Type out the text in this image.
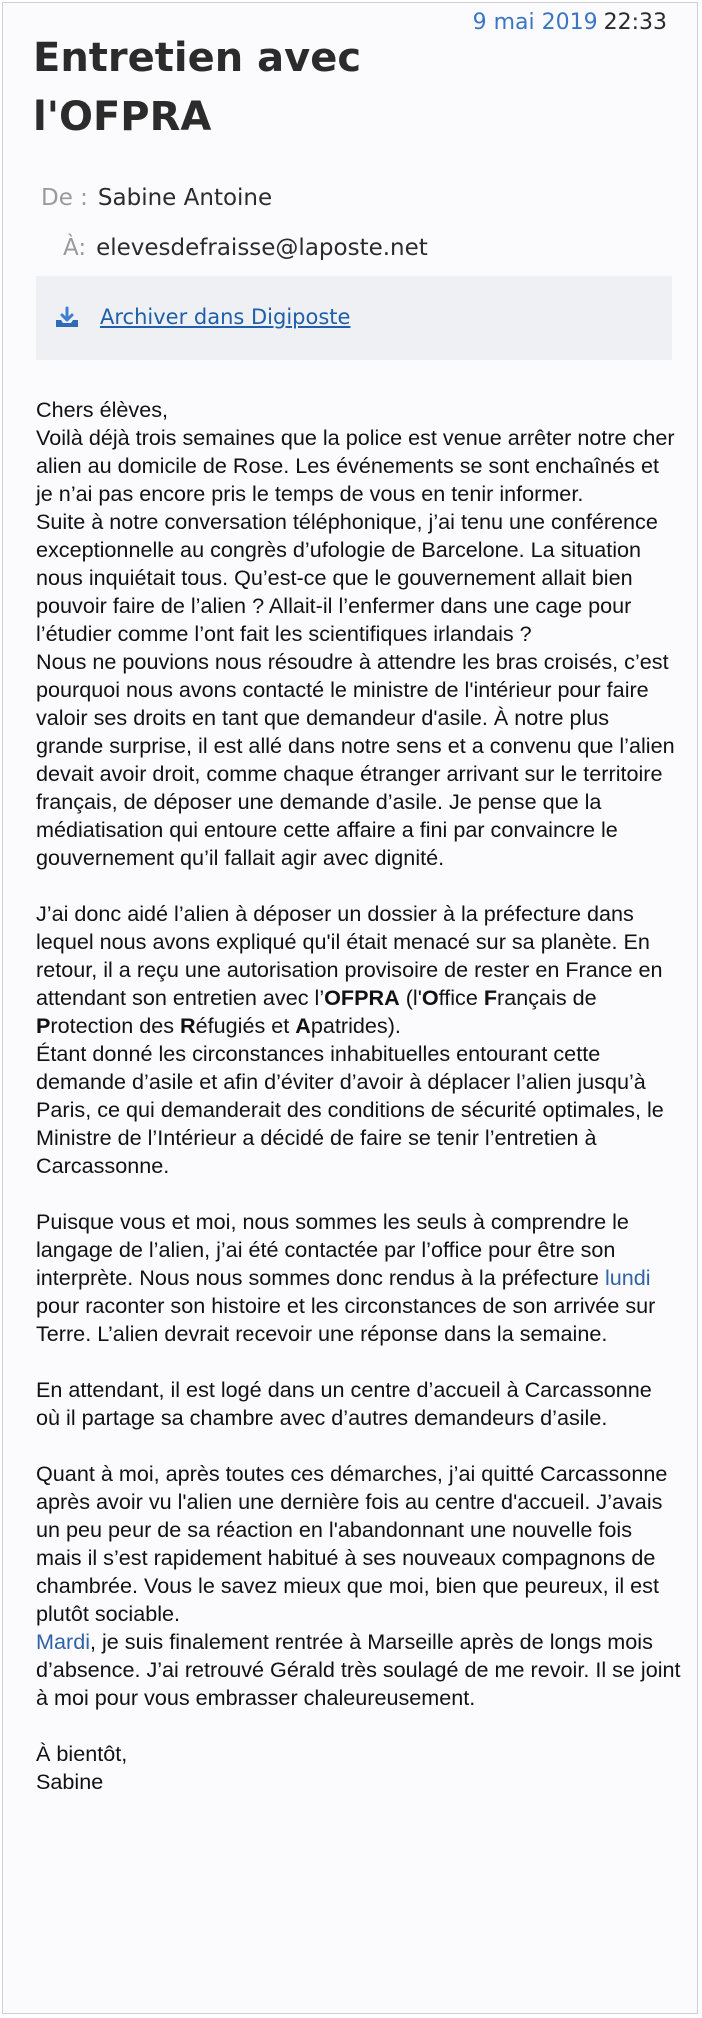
9 mai 2019 22:33
Entretien avec l'OFPRA
De : Sabine Antoine
À: elevesdefraisse@laposte.net
Archiver dans Digiposte

Chers élèves,

Voilà déjà trois semaines que la police est venue arrêter notre cher alien au domicile de Rose. Les événements se sont enchaînés et je n’ai pas encore pris le temps de vous en tenir informer.

Suite à notre conversation téléphonique, j’ai tenu une conférence exceptionnelle au congrès d’ufologie de Barcelone. La situation nous inquiétait tous. Qu’est-ce que le gouvernement allait bien pouvoir faire de l’alien ? Allait-il l’enfermer dans une cage pour l’étudier comme l’ont fait les scientifiques irlandais ?

Nous ne pouvions nous résoudre à attendre les bras croisés, c’est pourquoi nous avons contacté le ministre de l'intérieur pour faire valoir ses droits en tant que demandeur d'asile. À notre plus grande surprise, il est allé dans notre sens et a convenu que l’alien devait avoir droit, comme chaque étranger arrivant sur le territoire français, de déposer une demande d’asile. Je pense que la médiatisation qui entoure cette affaire a fini par convaincre le gouvernement qu’il fallait agir avec dignité.

J’ai donc aidé l’alien à déposer un dossier à la préfecture dans lequel nous avons expliqué qu'il était menacé sur sa planète. En retour, il a reçu une autorisation provisoire de rester en France en attendant son entretien avec l’OFPRA (l'Office Français de Protection des Réfugiés et Apatrides).

Étant donné les circonstances inhabituelles entourant cette demande d’asile et afin d’éviter d’avoir à déplacer l’alien jusqu’à Paris, ce qui demanderait des conditions de sécurité optimales, le Ministre de l’Intérieur a décidé de faire se tenir l’entretien à Carcassonne.

Puisque vous et moi, nous sommes les seuls à comprendre le langage de l’alien, j’ai été contactée par l’office pour être son interprète. Nous nous sommes donc rendus à la préfecture lundi pour raconter son histoire et les circonstances de son arrivée sur Terre. L’alien devrait recevoir une réponse dans la semaine.

En attendant, il est logé dans un centre d’accueil à Carcassonne où il partage sa chambre avec d’autres demandeurs d’asile.

Quant à moi, après toutes ces démarches, j’ai quitté Carcassonne après avoir vu l'alien une dernière fois au centre d'accueil. J’avais un peu peur de sa réaction en l'abandonnant une nouvelle fois mais il s’est rapidement habitué à ses nouveaux compagnons de chambrée. Vous le savez mieux que moi, bien que peureux, il est plutôt sociable.

Mardi, je suis finalement rentrée à Marseille après de longs mois d’absence. J’ai retrouvé Gérald très soulagé de me revoir. Il se joint à moi pour vous embrasser chaleureusement.

À bientôt,

Sabine
